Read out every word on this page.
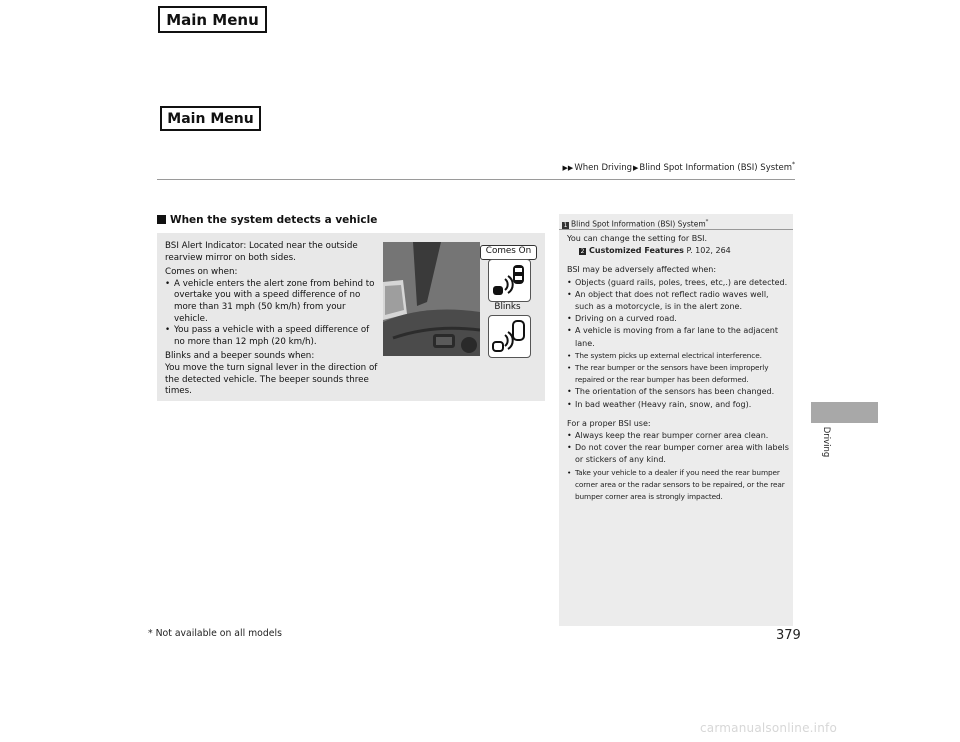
Main Menu
Main Menu
▶▶When Driving▶Blind Spot Information (BSI) System*
When the system detects a vehicle

BSI Alert Indicator: Located near the outside rearview mirror on both sides.

Comes on when:

• A vehicle enters the alert zone from behind to overtake you with a speed difference of no more than 31 mph (50 km/h) from your vehicle.
• You pass a vehicle with a speed difference of no more than 12 mph (20 km/h).

Blinks and a beeper sounds when:

You move the turn signal lever in the direction of the detected vehicle. The beeper sounds three times.

Comes On
Blinks
1 Blind Spot Information (BSI) System*

You can change the setting for BSI.

2 Customized Features P. 102, 264

BSI may be adversely affected when:

• Objects (guard rails, poles, trees, etc,.) are detected.
• An object that does not reflect radio waves well, such as a motorcycle, is in the alert zone.
• Driving on a curved road.
• A vehicle is moving from a far lane to the adjacent lane.
• The system picks up external electrical interference.
• The rear bumper or the sensors have been improperly repaired or the rear bumper has been deformed.
• The orientation of the sensors has been changed.
• In bad weather (Heavy rain, snow, and fog).

For a proper BSI use:

• Always keep the rear bumper corner area clean.
• Do not cover the rear bumper corner area with labels or stickers of any kind.
• Take your vehicle to a dealer if you need the rear bumper corner area or the radar sensors to be repaired, or the rear bumper corner area is strongly impacted.
Driving
* Not available on all models	379
carmanualsonline.info
